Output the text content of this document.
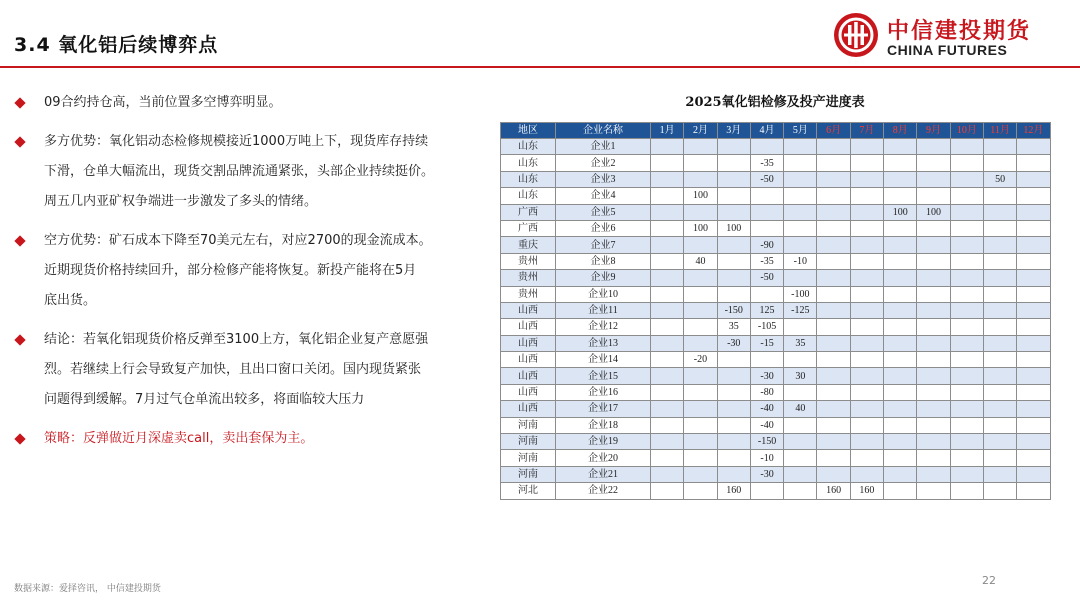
3.4 氧化铝后续博弈点
中信建投期货
CHINA FUTURES
09合约持仓高，当前位置多空博弈明显。
多方优势：氧化铝动态检修规模接近1000万吨上下，现货库存持续
下滑，仓单大幅流出，现货交割品牌流通紧张，头部企业持续挺价。
周五几内亚矿权争端进一步激发了多头的情绪。
空方优势：矿石成本下降至70美元左右，对应2700的现金流成本。
近期现货价格持续回升，部分检修产能将恢复。新投产能将在5月
底出货。
结论：若氧化铝现货价格反弹至3100上方，氧化铝企业复产意愿强
烈。若继续上行会导致复产加快，且出口窗口关闭。国内现货紧张
问题得到缓解。7月过气仓单流出较多，将面临较大压力
策略：反弹做近月深虚卖call，卖出套保为主。
2025氧化铝检修及投产进度表
地区	企业名称	1月	2月	3月	4月	5月	6月	7月	8月	9月	10月	11月	12月
山东	企业1												
山东	企业2				-35								
山东	企业3				-50							50	
山东	企业4		100										
广西	企业5								100	100			
广西	企业6		100	100									
重庆	企业7				-90								
贵州	企业8		40		-35	-10							
贵州	企业9				-50								
贵州	企业10					-100							
山西	企业11			-150	125	-125							
山西	企业12			35	-105								
山西	企业13			-30	-15	35							
山西	企业14		-20										
山西	企业15				-30	30							
山西	企业16				-80								
山西	企业17				-40	40							
河南	企业18				-40								
河南	企业19				-150								
河南	企业20				-10								
河南	企业21				-30								
河北	企业22			160			160	160					
数据来源：爱择咨讯， 中信建投期货
22
